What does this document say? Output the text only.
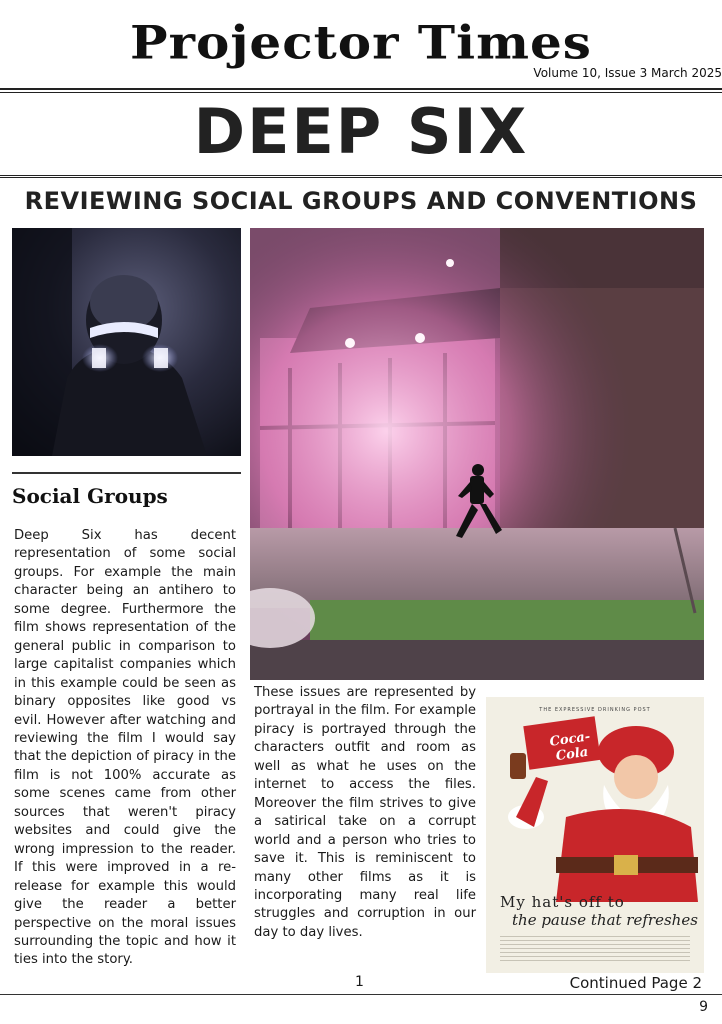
Projector Times
Volume 10, Issue 3 March 2025
DEEP SIX
REVIEWING SOCIAL GROUPS AND CONVENTIONS
Social Groups

Deep Six has decent representation of some social groups. For example the main character being an antihero to some degree. Furthermore the film shows representation of the general public in comparison to large capitalist companies which in this example could be seen as binary opposites like good vs evil. However after watching and reviewing the film I would say that the depiction of piracy in the film is not 100% accurate as some scenes came from other sources that weren't piracy websites and could give the wrong impression to the reader. If this were improved in a re-release for example this would give the reader a better perspective on the moral issues surrounding the topic and how it ties into the story.

These issues are represented by portrayal in the film. For example piracy is portrayed through the characters outfit and room as well as what he uses on the internet to access the files. Moreover the film strives to give a satirical take on a corrupt world and a person who tries to save it. This is reminiscent to many other films as it is incorporating many real life struggles and corruption in our day to day lives.

THE EXPRESSIVE DRINKING POST
Coca-Cola
My hat's off to
the pause that refreshes
1	Continued Page 2
9
